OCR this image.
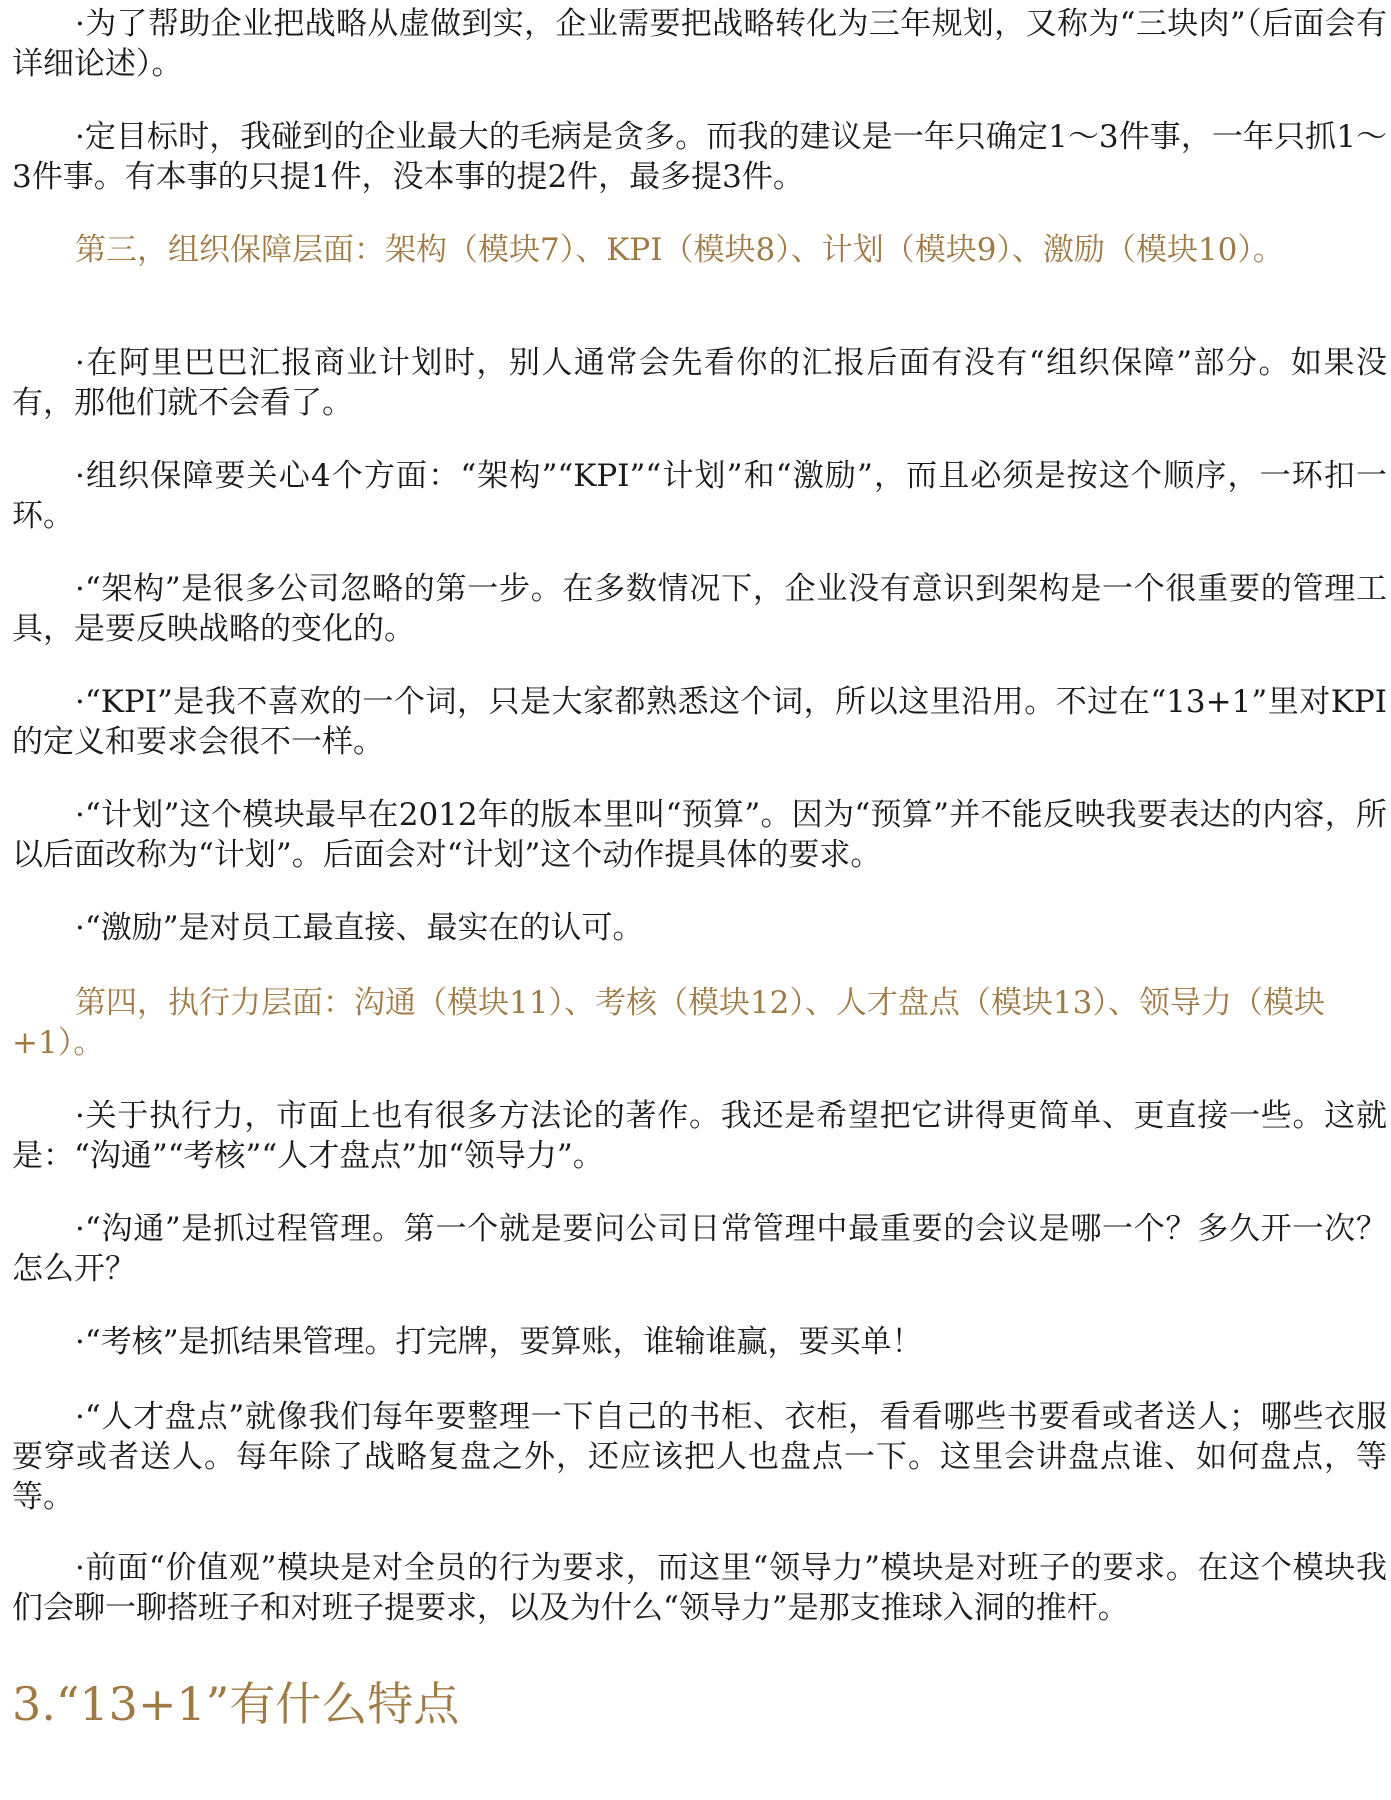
·为了帮助企业把战略从虚做到实，企业需要把战略转化为三年规划，又称为“三块肉”（后面会有详细论述）。

·定目标时，我碰到的企业最大的毛病是贪多。而我的建议是一年只确定1～3件事，一年只抓1～3件事。有本事的只提1件，没本事的提2件，最多提3件。

第三，组织保障层面：架构（模块7）、KPI（模块8）、计划（模块9）、激励（模块10）。

·在阿里巴巴汇报商业计划时，别人通常会先看你的汇报后面有没有“组织保障”部分。如果没有，那他们就不会看了。

·组织保障要关心4个方面：“架构”“KPI”“计划”和“激励”，而且必须是按这个顺序，一环扣一环。

·“架构”是很多公司忽略的第一步。在多数情况下，企业没有意识到架构是一个很重要的管理工具，是要反映战略的变化的。

·“KPI”是我不喜欢的一个词，只是大家都熟悉这个词，所以这里沿用。不过在“13+1”里对KPI的定义和要求会很不一样。

·“计划”这个模块最早在2012年的版本里叫“预算”。因为“预算”并不能反映我要表达的内容，所以后面改称为“计划”。后面会对“计划”这个动作提具体的要求。

·“激励”是对员工最直接、最实在的认可。

第四，执行力层面：沟通（模块11）、考核（模块12）、人才盘点（模块13）、领导力（模块+1）。

·关于执行力，市面上也有很多方法论的著作。我还是希望把它讲得更简单、更直接一些。这就是：“沟通”“考核”“人才盘点”加“领导力”。

·“沟通”是抓过程管理。第一个就是要问公司日常管理中最重要的会议是哪一个？多久开一次？怎么开？

·“考核”是抓结果管理。打完牌，要算账，谁输谁赢，要买单！

·“人才盘点”就像我们每年要整理一下自己的书柜、衣柜，看看哪些书要看或者送人；哪些衣服要穿或者送人。每年除了战略复盘之外，还应该把人也盘点一下。这里会讲盘点谁、如何盘点，等等。

·前面“价值观”模块是对全员的行为要求，而这里“领导力”模块是对班子的要求。在这个模块我们会聊一聊搭班子和对班子提要求，以及为什么“领导力”是那支推球入洞的推杆。

3.“13+1”有什么特点
